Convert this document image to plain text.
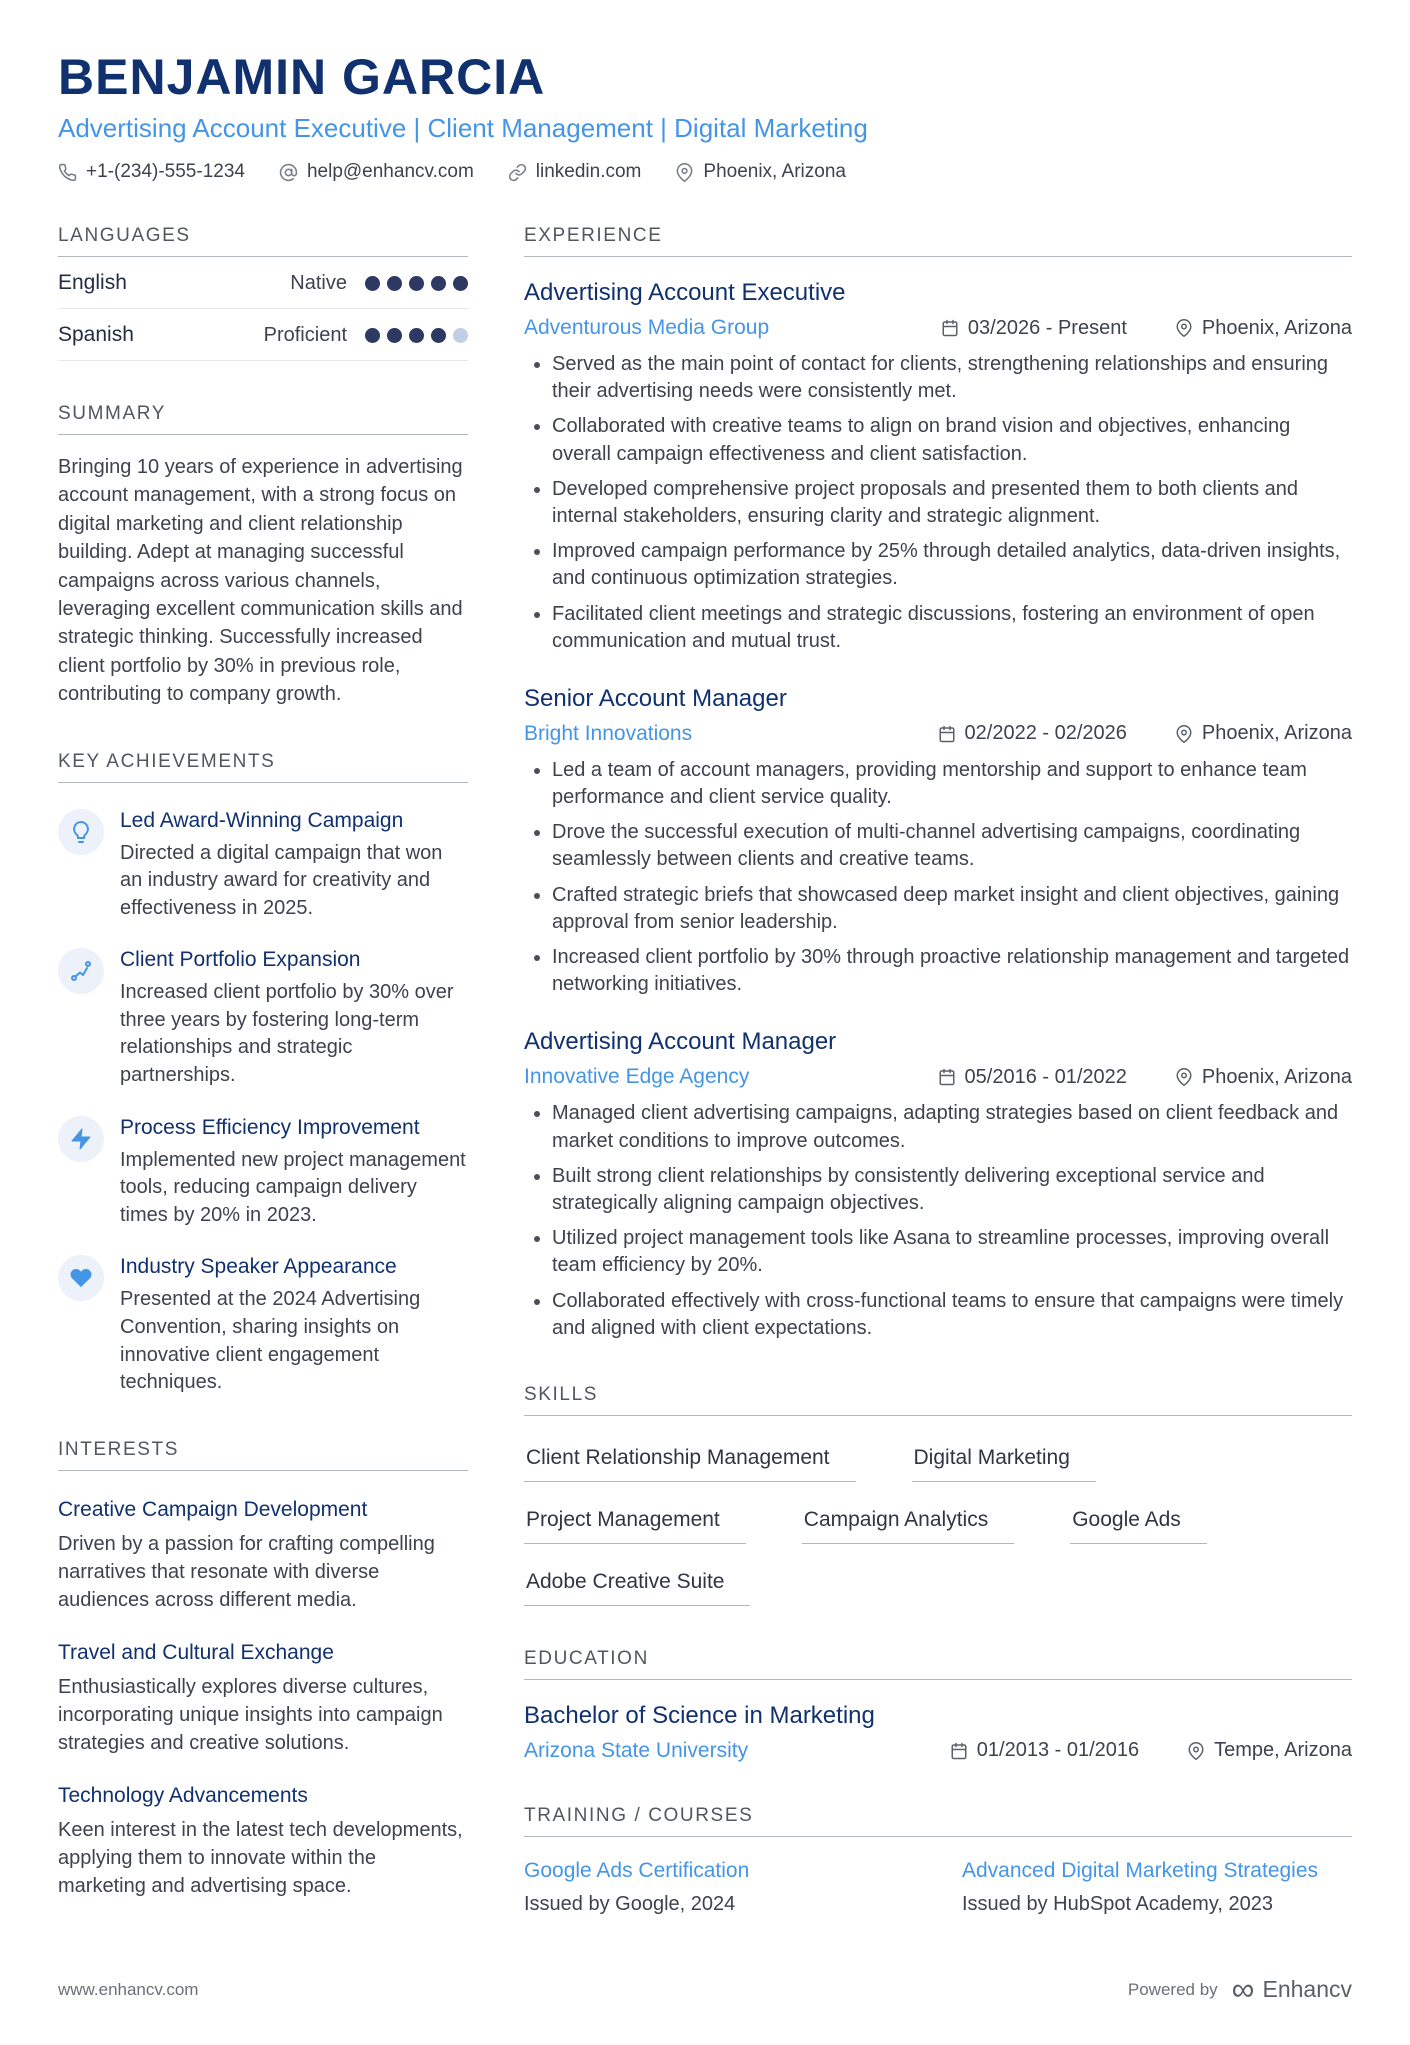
BENJAMIN GARCIA
Advertising Account Executive | Client Management | Digital Marketing
+1-(234)-555-1234	help@enhancv.com	linkedin.com	Phoenix, Arizona
LANGUAGES
English	Native
Spanish	Proficient
SUMMARY
Bringing 10 years of experience in advertising account management, with a strong focus on digital marketing and client relationship building. Adept at managing successful campaigns across various channels, leveraging excellent communication skills and strategic thinking. Successfully increased client portfolio by 30% in previous role, contributing to company growth.
KEY ACHIEVEMENTS
Led Award-Winning Campaign
Directed a digital campaign that won an industry award for creativity and effectiveness in 2025.
Client Portfolio Expansion
Increased client portfolio by 30% over three years by fostering long-term relationships and strategic partnerships.
Process Efficiency Improvement
Implemented new project management tools, reducing campaign delivery times by 20% in 2023.
Industry Speaker Appearance
Presented at the 2024 Advertising Convention, sharing insights on innovative client engagement techniques.
INTERESTS
Creative Campaign Development
Driven by a passion for crafting compelling narratives that resonate with diverse audiences across different media.
Travel and Cultural Exchange
Enthusiastically explores diverse cultures, incorporating unique insights into campaign strategies and creative solutions.
Technology Advancements
Keen interest in the latest tech developments, applying them to innovate within the marketing and advertising space.
EXPERIENCE
Advertising Account Executive
Adventurous Media Group	03/2026 - Present	Phoenix, Arizona
• Served as the main point of contact for clients, strengthening relationships and ensuring their advertising needs were consistently met.
• Collaborated with creative teams to align on brand vision and objectives, enhancing overall campaign effectiveness and client satisfaction.
• Developed comprehensive project proposals and presented them to both clients and internal stakeholders, ensuring clarity and strategic alignment.
• Improved campaign performance by 25% through detailed analytics, data-driven insights, and continuous optimization strategies.
• Facilitated client meetings and strategic discussions, fostering an environment of open communication and mutual trust.
Senior Account Manager
Bright Innovations	02/2022 - 02/2026	Phoenix, Arizona
• Led a team of account managers, providing mentorship and support to enhance team performance and client service quality.
• Drove the successful execution of multi-channel advertising campaigns, coordinating seamlessly between clients and creative teams.
• Crafted strategic briefs that showcased deep market insight and client objectives, gaining approval from senior leadership.
• Increased client portfolio by 30% through proactive relationship management and targeted networking initiatives.
Advertising Account Manager
Innovative Edge Agency	05/2016 - 01/2022	Phoenix, Arizona
• Managed client advertising campaigns, adapting strategies based on client feedback and market conditions to improve outcomes.
• Built strong client relationships by consistently delivering exceptional service and strategically aligning campaign objectives.
• Utilized project management tools like Asana to streamline processes, improving overall team efficiency by 20%.
• Collaborated effectively with cross-functional teams to ensure that campaigns were timely and aligned with client expectations.
SKILLS
Client Relationship Management	Digital Marketing
Project Management	Campaign Analytics	Google Ads
Adobe Creative Suite
EDUCATION
Bachelor of Science in Marketing
Arizona State University	01/2013 - 01/2016	Tempe, Arizona
TRAINING / COURSES
Google Ads Certification
Issued by Google, 2024
Advanced Digital Marketing Strategies
Issued by HubSpot Academy, 2023
www.enhancv.com	Powered by ∞ Enhancv
